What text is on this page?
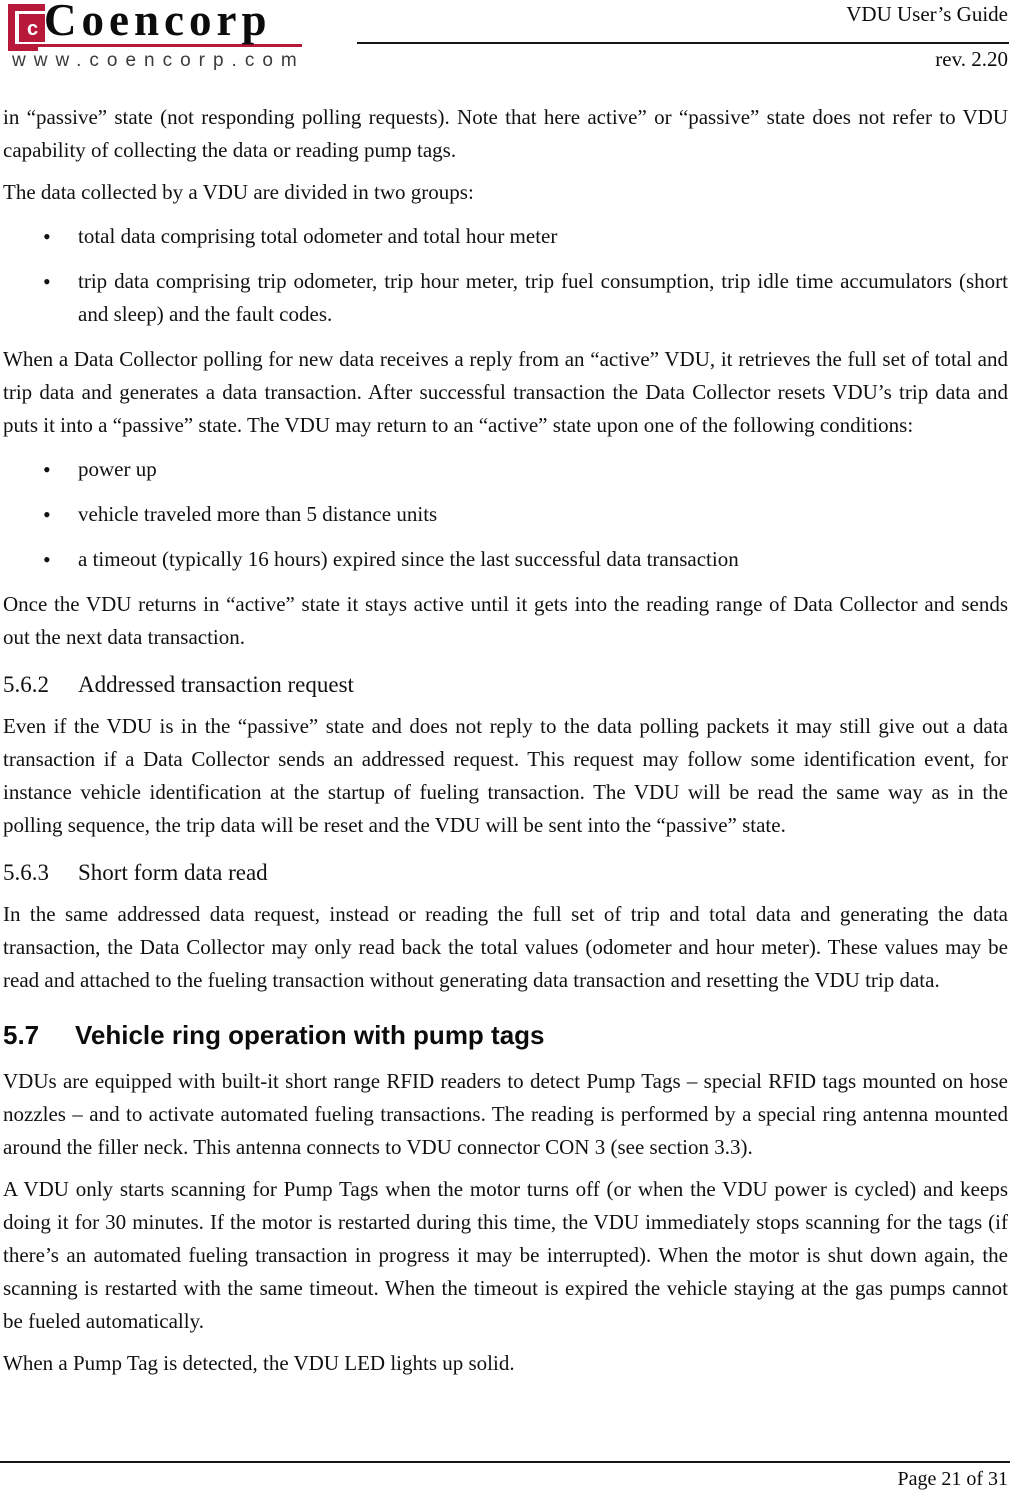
c Coencorp
www.coencorp.com
VDU User’s Guide
rev. 2.20

in “passive” state (not responding polling requests). Note that here active” or “passive” state does not refer to VDU capability of collecting the data or reading pump tags.

The data collected by a VDU are divided in two groups:

• total data comprising total odometer and total hour meter
• trip data comprising trip odometer, trip hour meter, trip fuel consumption, trip idle time accumulators (short and sleep) and the fault codes.

When a Data Collector polling for new data receives a reply from an “active” VDU, it retrieves the full set of total and trip data and generates a data transaction. After successful transaction the Data Collector resets VDU’s trip data and puts it into a “passive” state. The VDU may return to an “active” state upon one of the following conditions:

• power up
• vehicle traveled more than 5 distance units
• a timeout (typically 16 hours) expired since the last successful data transaction

Once the VDU returns in “active” state it stays active until it gets into the reading range of Data Collector and sends out the next data transaction.

5.6.2	Addressed transaction request

Even if the VDU is in the “passive” state and does not reply to the data polling packets it may still give out a data transaction if a Data Collector sends an addressed request. This request may follow some identification event, for instance vehicle identification at the startup of fueling transaction. The VDU will be read the same way as in the polling sequence, the trip data will be reset and the VDU will be sent into the “passive” state.

5.6.3	Short form data read

In the same addressed data request, instead or reading the full set of trip and total data and generating the data transaction, the Data Collector may only read back the total values (odometer and hour meter). These values may be read and attached to the fueling transaction without generating data transaction and resetting the VDU trip data.

5.7	Vehicle ring operation with pump tags

VDUs are equipped with built-it short range RFID readers to detect Pump Tags – special RFID tags mounted on hose nozzles – and to activate automated fueling transactions. The reading is performed by a special ring antenna mounted around the filler neck. This antenna connects to VDU connector CON 3 (see section 3.3).

A VDU only starts scanning for Pump Tags when the motor turns off (or when the VDU power is cycled) and keeps doing it for 30 minutes. If the motor is restarted during this time, the VDU immediately stops scanning for the tags (if there’s an automated fueling transaction in progress it may be interrupted). When the motor is shut down again, the scanning is restarted with the same timeout. When the timeout is expired the vehicle staying at the gas pumps cannot be fueled automatically.

When a Pump Tag is detected, the VDU LED lights up solid.

Page 21 of 31
